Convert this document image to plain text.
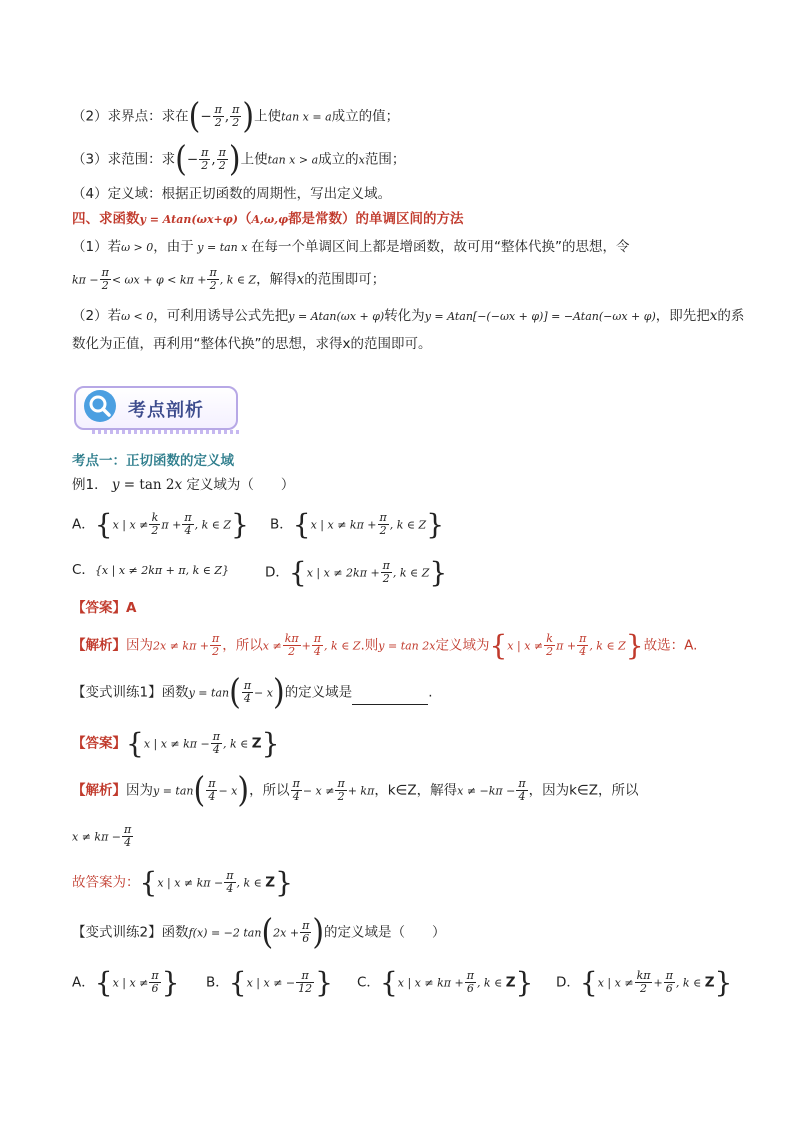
（2）求界点：求在(− $\frac{\pi}{2}$ , $\frac{\pi}{2}$ )上使tan x = a成立的值；
（3）求范围：求(− $\frac{\pi}{2}$ , $\frac{\pi}{2}$ )上使tan x > a成立的x范围；
（4）定义域：根据正切函数的周期性，写出定义域。
四、求函数y = Atan(ωx+φ)（A,ω,φ都是常数）的单调区间的方法
（1）若ω > 0，由于 y = tan x 在每一个单调区间上都是增函数，故可用“整体代换”的思想，令
$k\pi - \frac{\pi}{2} < \omega x + \varphi < k\pi + \frac{\pi}{2}$ , k ∈ Z，解得x的范围即可；
（2）若ω < 0，可利用诱导公式先把y = Atan(ωx + φ)转化为y = Atan[−(−ωx + φ)] = −Atan(−ωx + φ)，即先把x的系
数化为正值，再利用“整体代换”的思想，求得x的范围即可。
考点剖析
考点一：正切函数的定义域
例1． y = tan 2x 定义域为（　　）
A．{x | $x \ne \frac{k}{2}$ $\pi + \frac{\pi}{4}$ , k ∈ Z} B．{x | $x \ne k\pi + \frac{\pi}{2}$ , k ∈ Z}
C．{x | x ≠ 2kπ + π, k ∈ Z}	D．{x | $x \ne 2k\pi + \frac{\pi}{2}$ , k ∈ Z}
【答案】A
【解析】因为$2x \ne k\pi + \frac{\pi}{2}$ ，所以$x \ne \frac{k\pi}{2} + \frac{\pi}{4}$ , k ∈ Z.则y = tan 2x定义域为{x | $x \ne \frac{k}{2}$ $\pi + \frac{\pi}{4}$ , k ∈ Z}故选：A.
【变式训练1】函数$y = \tan( \frac{\pi}{4} - x)$的定义域是	.
【答案】{x | $x \ne k\pi - \frac{\pi}{4}$ , k ∈ Z}
【解析】因为$y = \tan( \frac{\pi}{4} - x)$，所以 $\frac{\pi}{4} - x \ne \frac{\pi}{2} + k\pi$，k∈Z，解得$x \ne -k\pi - \frac{\pi}{4}$ ，因为k∈Z，所以
$x \ne k\pi - \frac{\pi}{4}$
故答案为：{x | $x \ne k\pi - \frac{\pi}{4}$ , k ∈ Z}
【变式训练2】函数f(x) = −2 $\tan(2x + \frac{\pi}{6}$ )的定义域是（　　）
A．{x | $x \ne \frac{\pi}{6}$ } B．{x | x ≠ − $\frac{\pi}{12}$ } C．{x | $x \ne k\pi + \frac{\pi}{6}$ , k ∈ Z} D．{x | $x \ne \frac{k\pi}{2} + \frac{\pi}{6}$ , k ∈ Z}
